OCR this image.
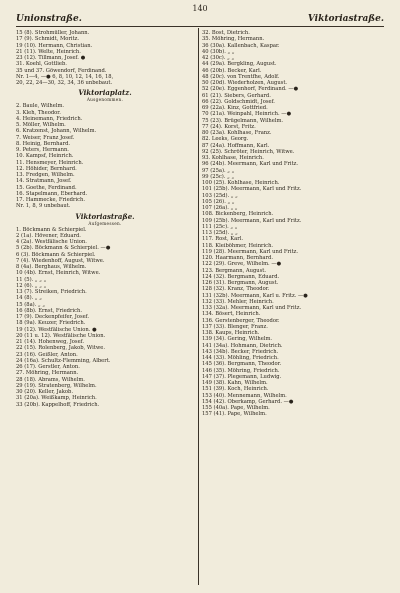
140
Unionstraße.	Viktoriastraße.
15 (8). Strohmüller, Johann.
17 (9). Schmidt, Moritz.
19 (10). Hermann, Christian.
21 (11). Welte, Heinrich.
23 (12). Tillmann, Josef. ●
31. Koehl, Gottlieb.
35 und 37. Göwendorf, Ferdinand.
Nr. 1—4, —● 6, 8, 10, 12, 14, 16, 18,
20, 22, 24—30, 32, 34, 36 unbebaut.
Viktoriaplatz.
Ausgenommen.
2. Baule, Wilhelm.
3. Kleh, Theodor.
4. Heinemann, Friedrich.
5. Möller, Wilhelm.
6. Kratzenst, Johann, Wilhelm.
7. Weiser, Franz Josef.
8. Heinig, Bernhard.
9. Peters, Hermann.
10. Kampsf, Heinrich.
11. Hensmeyer, Heinrich.
12. Höhider, Bernhard.
13. Fredgen, Wilhelm.
14. Stratmann, Josef.
15. Goethe, Ferdinand.
16. Stapelmann, Eberhard.
17. Hammecke, Friedrich.
Nr. 1, 8, 9 unbebaut.
Viktoriastraße.
Aufgemessen.
1. Böckmann & Schierpiel.
2 (1a). Hövener, Eduard.
4 (2a). Westfälische Union.
5 (2b). Böckmann & Schierpiel. —●
6 (3). Böckmann & Schierpiel.
7 (4). Wiedenhoff, August, Witwe.
8 (4a). Berghaus, Wilhelm.
10 (4b). Ernst, Heinrich, Witwe.
11 (5). „ „ „
12 (6). „ „ „
13 (7). Streiken, Friedrich.
14 (8). „ „
15 (8a). „ „
16 (8b). Ernst, Friedrich.
17 (9). Deckenpfeifer, Josef.
18 (9a). Keuzer, Friedrich.
19 (12). Westfälische Union. ●
20 (11 u. 12). Westfälische Union.
21 (14). Hohenweg, Josef.
22 (15). Rolenberg, Jakob, Witwe.
23 (16). Geißler, Anton.
24 (16a). Schultz-Flemming, Albert.
26 (17). Gerstler, Anton.
27. Möhring, Hermann.
28 (18). Abrams, Wilhelm.
29 (19). Stratenberg, Wilhelm.
30 (20). Keller, Jakob.
31 (20a). Weißkamp, Heinrich.
33 (20b). Kappelhoff, Friedrich.
32. Bost, Dietrich.
35. Möhring, Hermann.
36 (30a). Kallenbach, Kaspar.
40 (30b). „ „
42 (30c). „ „
44 (29a). Bergkling, August.
46 (20b). Becker, Karl.
48 (20c). von Trentfhe, Adolf.
50 (20d). Wiederholzen, August.
52 (20e). Eggenhorf, Ferdinand. —●
61 (21). Siebers, Gerhard.
66 (22). Goldschmidt, Josef.
69 (22a). Kinz, Gottfried.
70 (21a). Weinpahl, Heinrich. —●
75 (23). Brügelmann, Wilhelm.
77 (24). Korst, Fritz.
80 (23a). Kohlhase, Franz.
82. Leeks, Georg.
87 (24a). Hoffmann, Karl.
92 (25). Schröter, Heinrich, Witwe.
93. Kohlhase, Heinrich.
96 (24b). Meermann, Karl und Fritz.
97 (25a). „ „
99 (25c). „ „
100 (25). Kohlhase, Heinrich.
101 (25b). Meermann, Karl und Fritz.
103 (25d). „ „
105 (26). „ „
107 (26a). „ „
108. Bickenberg, Heinrich.
109 (25b). Meermann, Karl und Fritz.
111 (25c). „ „
113 (25d). „ „
117. Rost, Karl.
118. Kleiböhmer, Heinrich.
119 (28). Meermann, Karl und Fritz.
120. Haarmann, Bernhard.
122 (29). Greve, Wilhelm. —●
123. Bergmann, August.
124 (32). Bergmann, Eduard.
126 (31). Bergmann, August.
128 (32). Kranz, Theodor.
131 (32b). Meermann, Karl u. Fritz. —●
132 (33). Mehler, Heinrich.
133 (32a). Meermann, Karl und Fritz.
134. Bösert, Heinrich.
136. Gerstenberger, Theodor.
137 (33). Blenger, Franz.
138. Kaups, Heinrich.
139 (34). Gering, Wilhelm.
141 (34a). Hohmann, Dietrich.
143 (34b). Becker, Friedrich.
144 (33). Möhling, Friedrich.
145 (36). Bergmann, Theodor.
146 (35). Möhring, Friedrich.
147 (37). Plegemann, Ludwig.
149 (38). Kahn, Wilhelm.
151 (39). Koch, Heinrich.
153 (40). Mennemann, Wilhelm.
154 (42). Oberkamp, Gerhard. —●
155 (40a). Pape, Wilhelm.
157 (41). Pape, Wilhelm.
